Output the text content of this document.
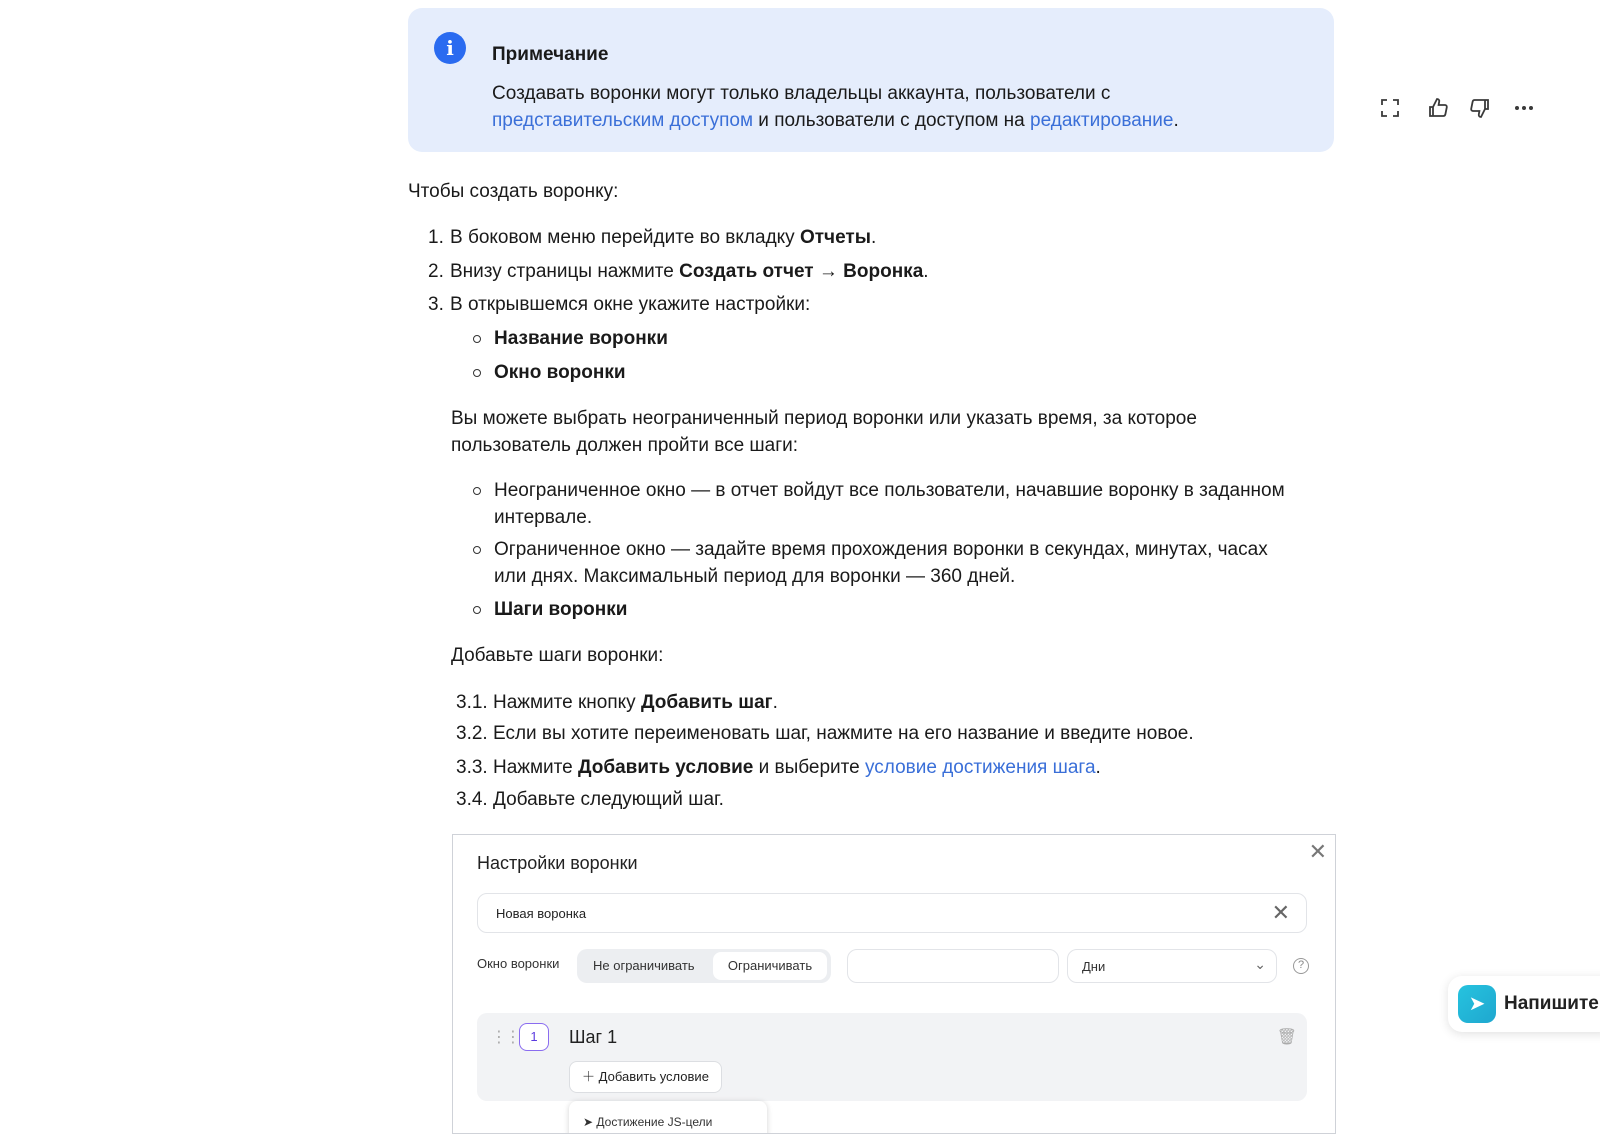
i	Примечание
Создавать воронки могут только владельцы аккаунта, пользователи с
представительским доступом и пользователи с доступом на редактирование.
Чтобы создать воронку:
1. В боковом меню перейдите во вкладку Отчеты.
2. Внизу страницы нажмите Создать отчет → Воронка.
3. В открывшемся окне укажите настройки:
Название воронки
Окно воронки
Вы можете выбрать неограниченный период воронки или указать время, за которое
пользователь должен пройти все шаги:
Неограниченное окно — в отчет войдут все пользователи, начавшие воронку в заданном
интервале.
Ограниченное окно — задайте время прохождения воронки в секундах, минутах, часах
или днях. Максимальный период для воронки — 360 дней.
Шаги воронки
Добавьте шаги воронки:
3.1. Нажмите кнопку Добавить шаг.
3.2. Если вы хотите переименовать шаг, нажмите на его название и введите новое.
3.3. Нажмите Добавить условие и выберите условие достижения шага.
3.4. Добавьте следующий шаг.
✕
Настройки воронки
Новая воронка	✕
Окно воронки	Не ограничивать	Ограничивать	Дни	⌄	?
⋮⋮ 1	Шаг 1	🗑
＋ Добавить условие
➤ Достижение JS-цели
➤ Напишите
